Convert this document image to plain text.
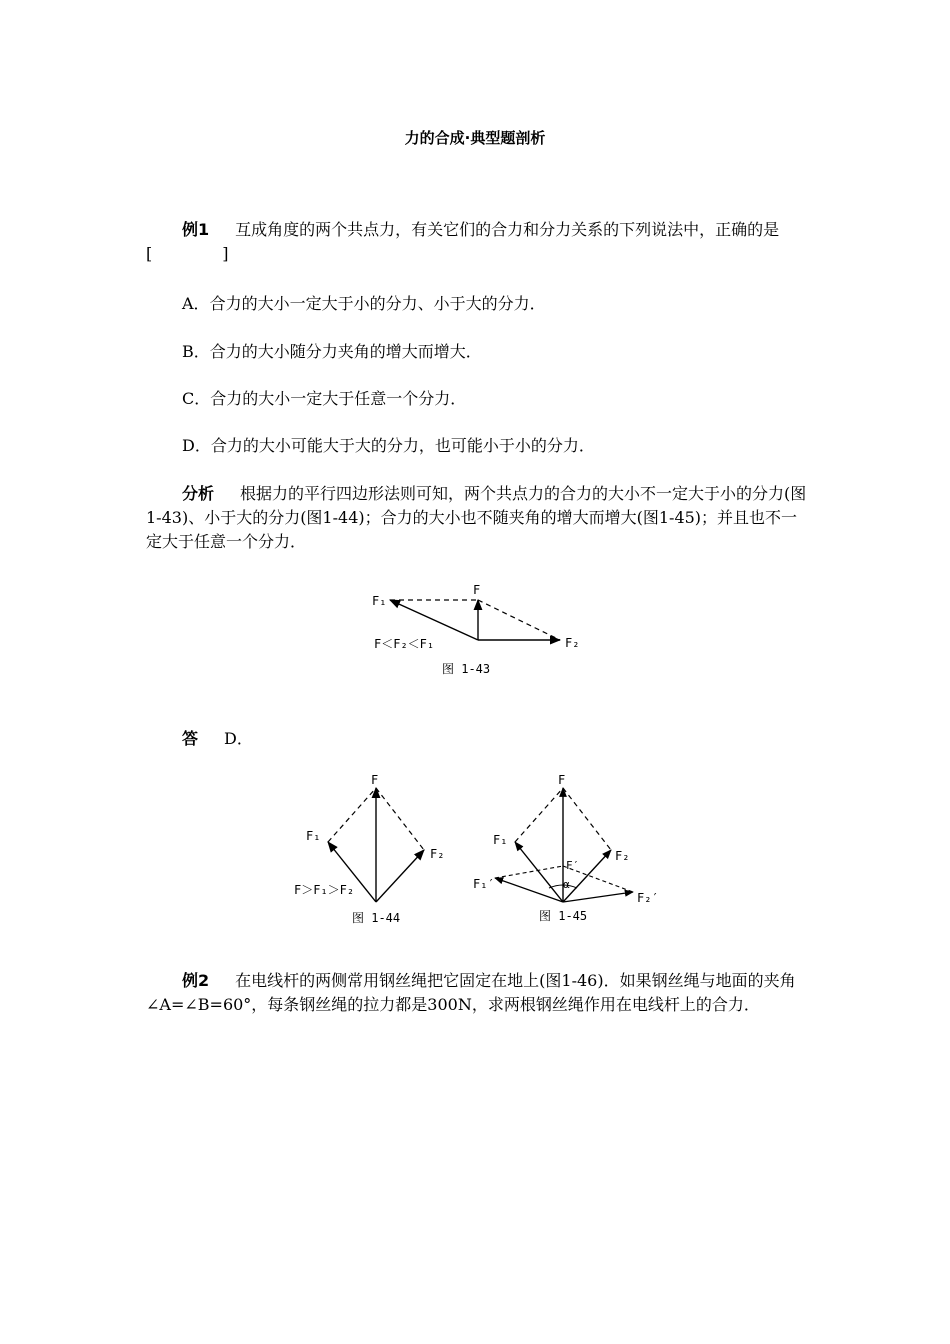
力的合成·典型题剖析
例1 互成角度的两个共点力，有关它们的合力和分力关系的下列说法中，正确的是[	]
A．合力的大小一定大于小的分力、小于大的分力．
B．合力的大小随分力夹角的增大而增大．
C．合力的大小一定大于任意一个分力．
D．合力的大小可能大于大的分力，也可能小于小的分力．
分析 根据力的平行四边形法则可知，两个共点力的合力的大小不一定大于小的分力(图1-43)、小于大的分力(图1-44)；合力的大小也不随夹角的增大而增大(图1-45)；并且也不一定大于任意一个分力．
F₁
F
F₂
F＜F₂＜F₁
图 1-43
答 D．
F
F₁
F₂
F＞F₁＞F₂
图 1-44
F
F₁
F₂
F′
α
F₁′
F₂′
图 1-45
例2 在电线杆的两侧常用钢丝绳把它固定在地上(图1-46)．如果钢丝绳与地面的夹角∠A=∠B=60°，每条钢丝绳的拉力都是300N，求两根钢丝绳作用在电线杆上的合力．
